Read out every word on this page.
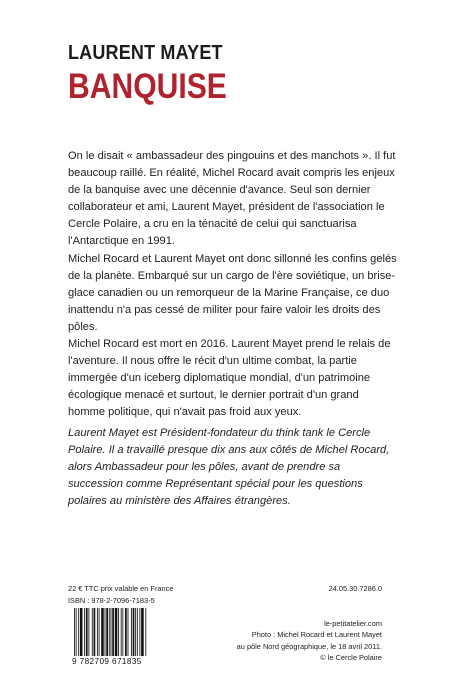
LAURENT MAYET
BANQUISE

On le disait « ambassadeur des pingouins et des manchots ». Il fut beaucoup raillé. En réalité, Michel Rocard avait compris les enjeux de la banquise avec une décennie d'avance. Seul son dernier collaborateur et ami, Laurent Mayet, président de l'association le Cercle Polaire, a cru en la ténacité de celui qui sanctuarisa l'Antarctique en 1991.

Michel Rocard et Laurent Mayet ont donc sillonné les confins gelés de la planète. Embarqué sur un cargo de l'ère soviétique, un brise-glace canadien ou un remorqueur de la Marine Française, ce duo inattendu n'a pas cessé de militer pour faire valoir les droits des pôles.

Michel Rocard est mort en 2016. Laurent Mayet prend le relais de l'aventure. Il nous offre le récit d'un ultime combat, la partie immergée d'un iceberg diplomatique mondial, d'un patrimoine écologique menacé et surtout, le dernier portrait d'un grand homme politique, qui n'avait pas froid aux yeux.

Laurent Mayet est Président-fondateur du think tank le Cercle Polaire. Il a travaillé presque dix ans aux côtés de Michel Rocard, alors Ambassadeur pour les pôles, avant de prendre sa succession comme Représentant spécial pour les questions polaires au ministère des Affaires étrangères.

22 € TTC prix valable en France
ISBN : 978-2-7096-7183-5
9 782709 671835
24.05.30.7286.0
le-petitatelier.com
Photo : Michel Rocard et Laurent Mayet
au pôle Nord géographique, le 18 avril 2011.
© le Cercle Polaire
